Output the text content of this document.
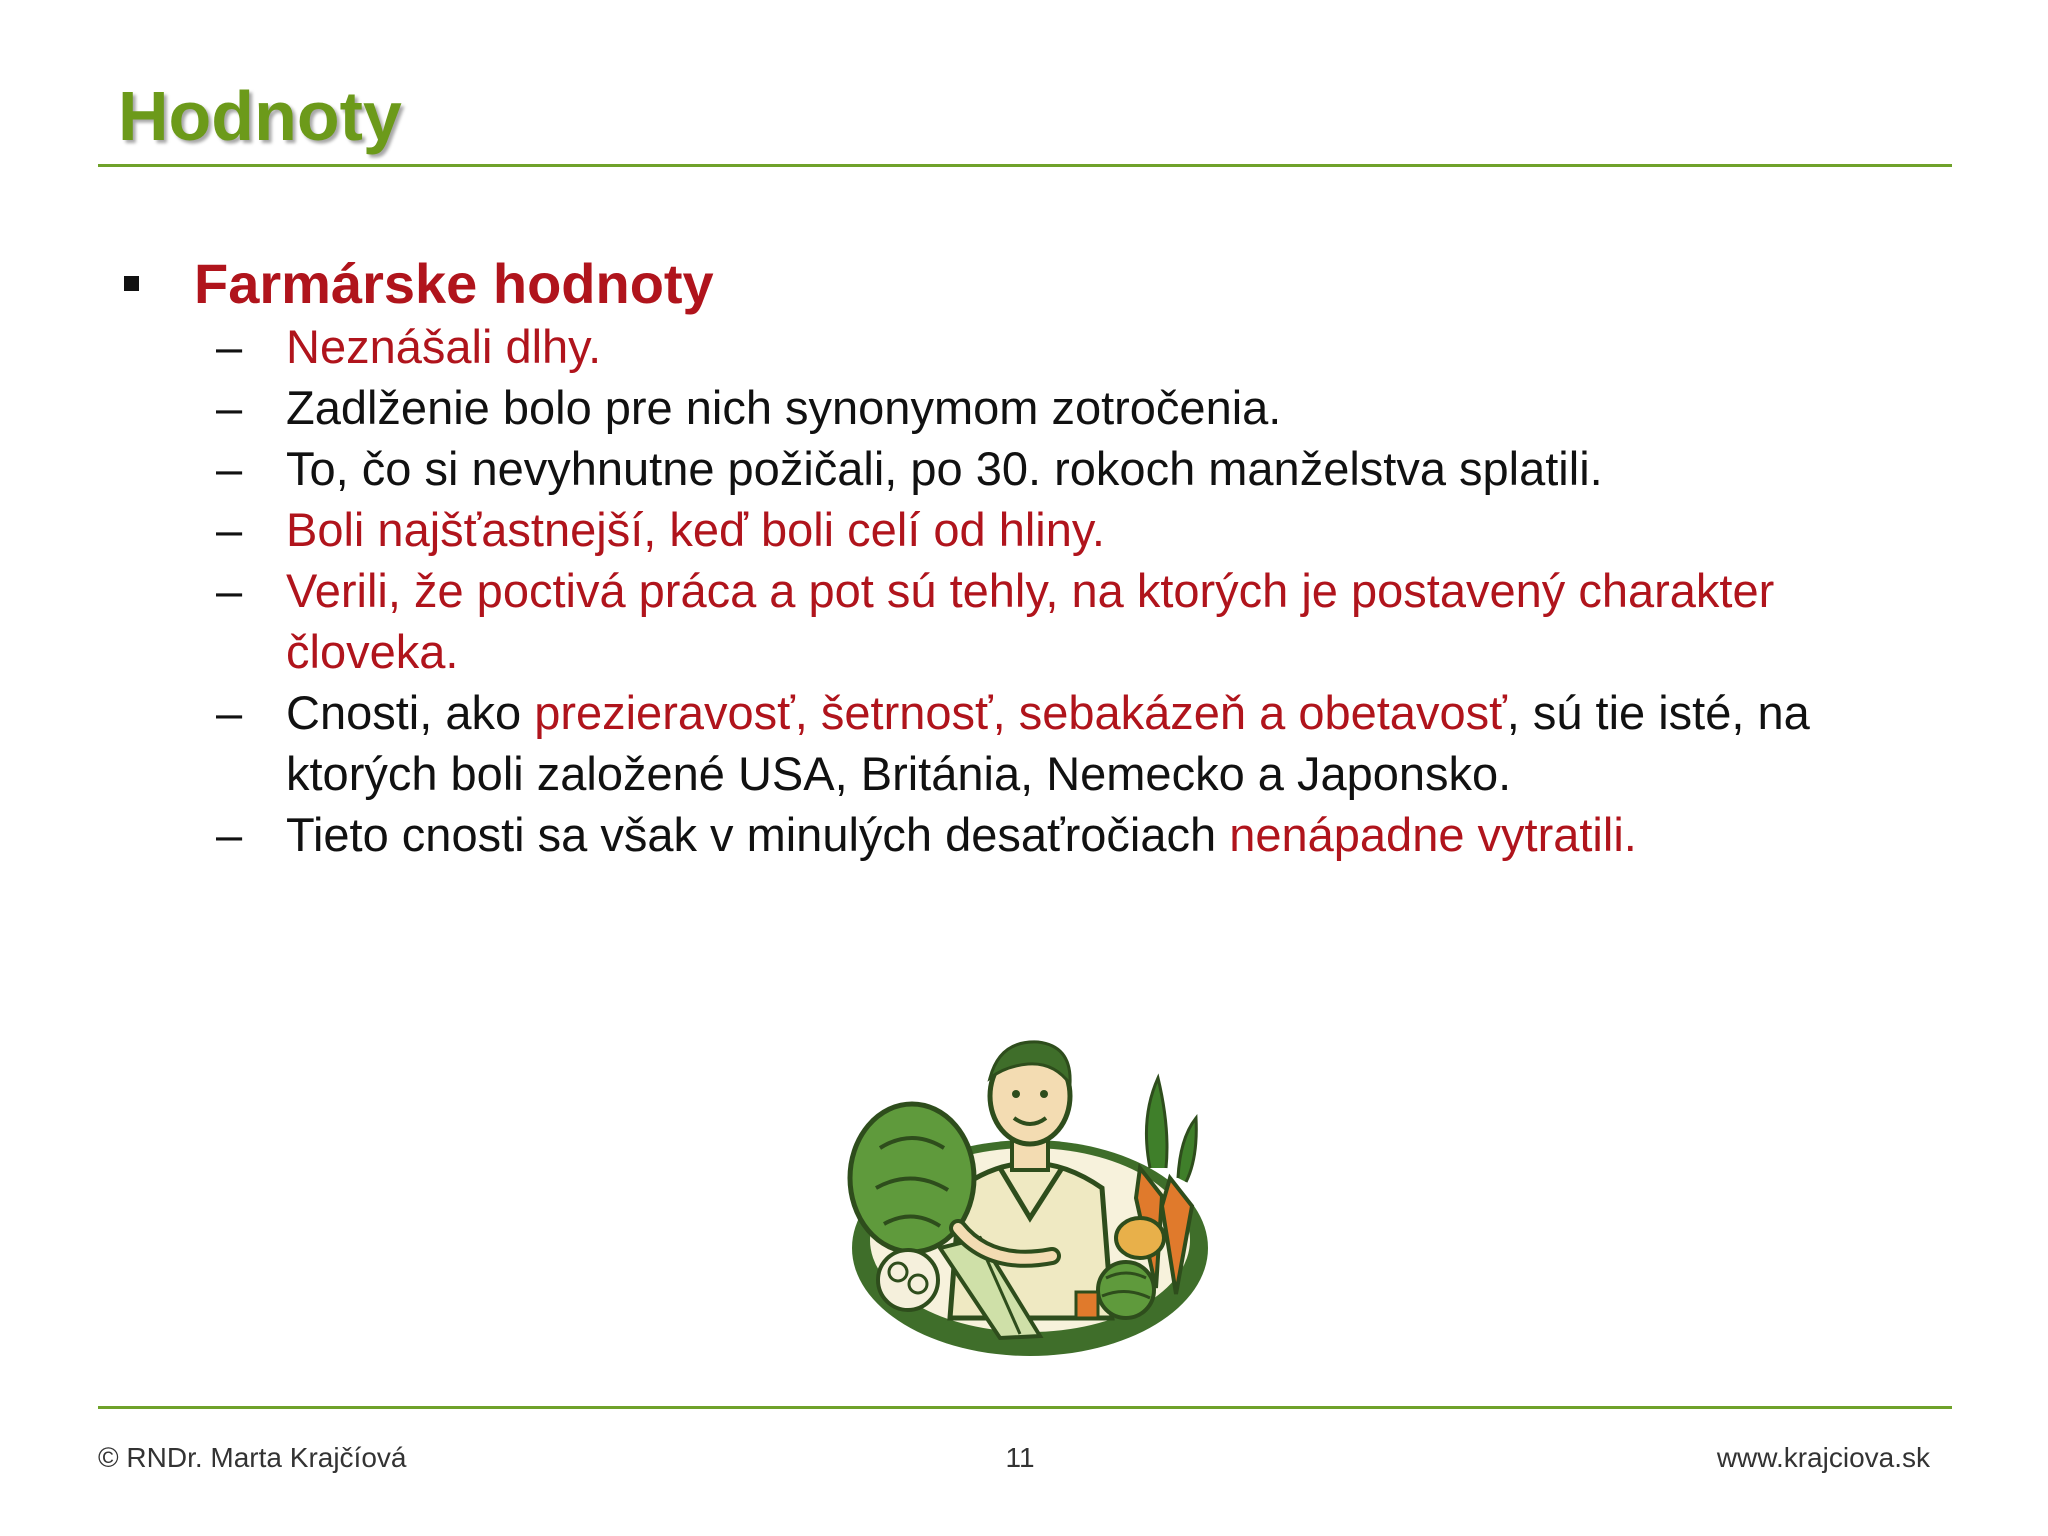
Hodnoty
Farmárske hodnoty
– Neznášali dlhy.
– Zadlženie bolo pre nich synonymom zotročenia.
– To, čo si nevyhnutne požičali, po 30. rokoch manželstva splatili.
– Boli najšťastnejší, keď boli celí od hliny.
– Verili, že poctivá práca a pot sú tehly, na ktorých je postavený charakter človeka.
– Cnosti, ako prezieravosť, šetrnosť, sebakázeň a obetavosť, sú tie isté, na ktorých boli založené USA, Británia, Nemecko a Japonsko.
– Tieto cnosti sa však v minulých desaťročiach nenápadne vytratili.
© RNDr. Marta Krajčíová	11	www.krajciova.sk
